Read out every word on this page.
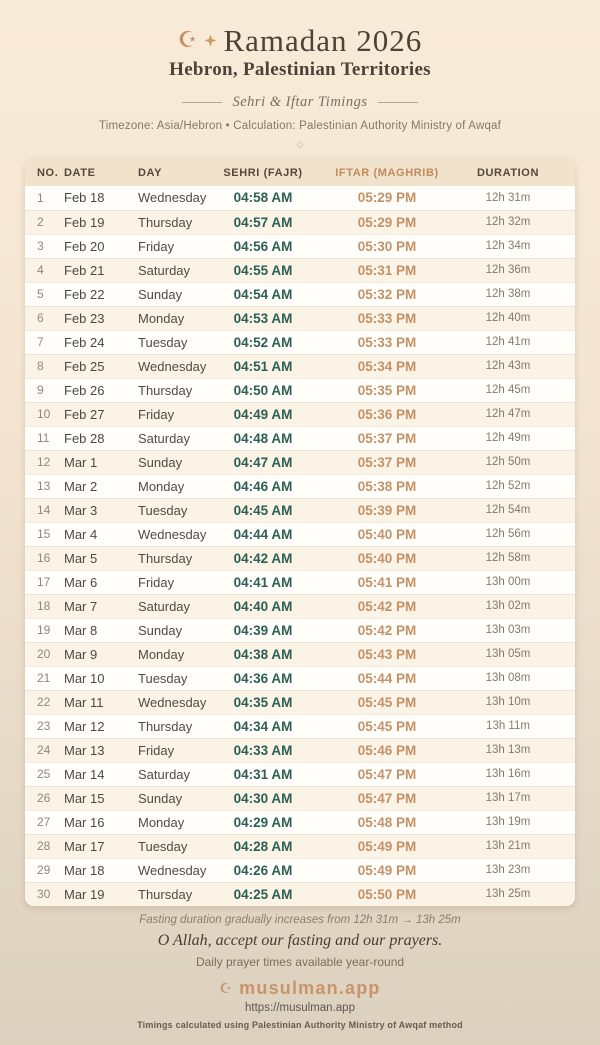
☪ Ramadan 2026
Hebron, Palestinian Territories
Sehri & Iftar Timings
Timezone: Asia/Hebron • Calculation: Palestinian Authority Ministry of Awqaf
◇
NO.	DATE	DAY	SEHRI (FAJR)	IFTAR (MAGHRIB)	DURATION
1	Feb 18	Wednesday	04:58 AM	05:29 PM	12h 31m
2	Feb 19	Thursday	04:57 AM	05:29 PM	12h 32m
3	Feb 20	Friday	04:56 AM	05:30 PM	12h 34m
4	Feb 21	Saturday	04:55 AM	05:31 PM	12h 36m
5	Feb 22	Sunday	04:54 AM	05:32 PM	12h 38m
6	Feb 23	Monday	04:53 AM	05:33 PM	12h 40m
7	Feb 24	Tuesday	04:52 AM	05:33 PM	12h 41m
8	Feb 25	Wednesday	04:51 AM	05:34 PM	12h 43m
9	Feb 26	Thursday	04:50 AM	05:35 PM	12h 45m
10	Feb 27	Friday	04:49 AM	05:36 PM	12h 47m
11	Feb 28	Saturday	04:48 AM	05:37 PM	12h 49m
12	Mar 1	Sunday	04:47 AM	05:37 PM	12h 50m
13	Mar 2	Monday	04:46 AM	05:38 PM	12h 52m
14	Mar 3	Tuesday	04:45 AM	05:39 PM	12h 54m
15	Mar 4	Wednesday	04:44 AM	05:40 PM	12h 56m
16	Mar 5	Thursday	04:42 AM	05:40 PM	12h 58m
17	Mar 6	Friday	04:41 AM	05:41 PM	13h 00m
18	Mar 7	Saturday	04:40 AM	05:42 PM	13h 02m
19	Mar 8	Sunday	04:39 AM	05:42 PM	13h 03m
20	Mar 9	Monday	04:38 AM	05:43 PM	13h 05m
21	Mar 10	Tuesday	04:36 AM	05:44 PM	13h 08m
22	Mar 11	Wednesday	04:35 AM	05:45 PM	13h 10m
23	Mar 12	Thursday	04:34 AM	05:45 PM	13h 11m
24	Mar 13	Friday	04:33 AM	05:46 PM	13h 13m
25	Mar 14	Saturday	04:31 AM	05:47 PM	13h 16m
26	Mar 15	Sunday	04:30 AM	05:47 PM	13h 17m
27	Mar 16	Monday	04:29 AM	05:48 PM	13h 19m
28	Mar 17	Tuesday	04:28 AM	05:49 PM	13h 21m
29	Mar 18	Wednesday	04:26 AM	05:49 PM	13h 23m
30	Mar 19	Thursday	04:25 AM	05:50 PM	13h 25m
Fasting duration gradually increases from 12h 31m → 13h 25m
O Allah, accept our fasting and our prayers.
Daily prayer times available year-round
☪ musulman.app
https://musulman.app
Timings calculated using Palestinian Authority Ministry of Awqaf method
